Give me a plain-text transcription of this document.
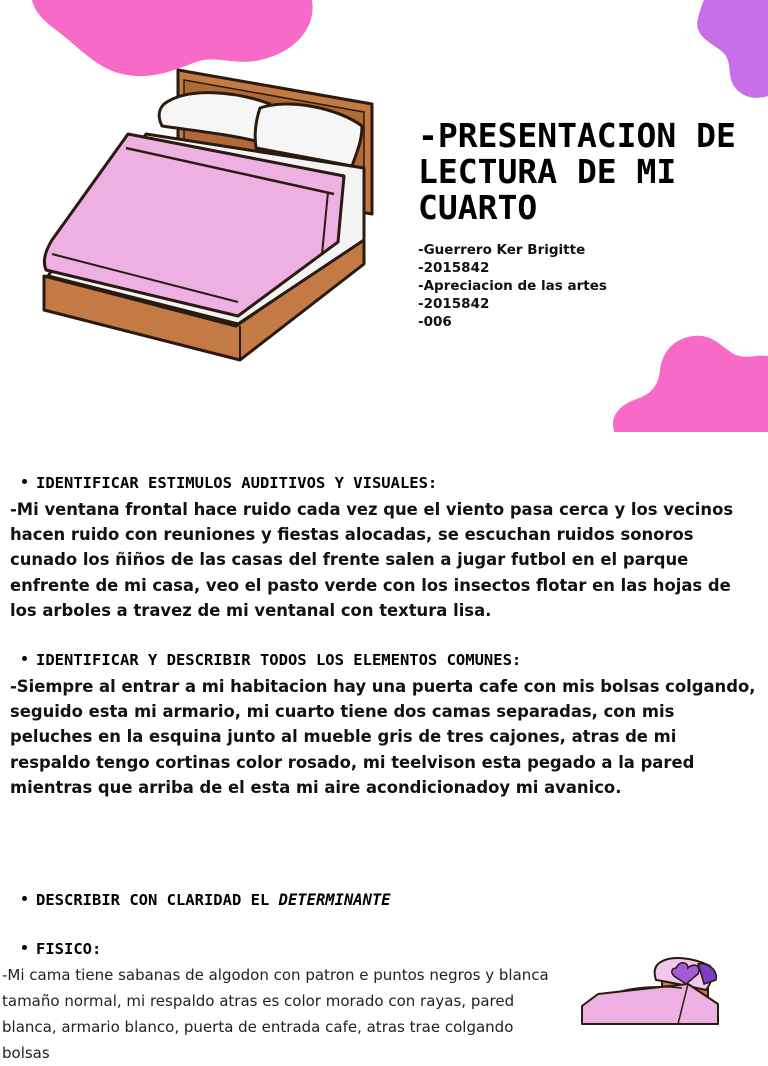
-PRESENTACION DE LECTURA DE MI CUARTO
-Guerrero Ker Brigitte
-2015842
-Apreciacion de las artes
-2015842
-006
IDENTIFICAR ESTIMULOS AUDITIVOS Y VISUALES:

-Mi ventana frontal hace ruido cada vez que el viento pasa cerca y los vecinos hacen ruido con reuniones y fiestas alocadas, se escuchan ruidos sonoros cunado los ñiños de las casas del frente salen a jugar futbol en el parque enfrente de mi casa, veo el pasto verde con los insectos flotar en las hojas de los arboles a travez de mi ventanal con textura lisa.

IDENTIFICAR Y DESCRIBIR TODOS LOS ELEMENTOS COMUNES:

-Siempre al entrar a mi habitacion hay una puerta cafe con mis bolsas colgando, seguido esta mi armario, mi cuarto tiene dos camas separadas, con mis peluches en la esquina junto al mueble gris de tres cajones, atras de mi respaldo tengo cortinas color rosado, mi teelvison esta pegado a la pared mientras que arriba de el esta mi aire acondicionadoy mi avanico.

DESCRIBIR CON CLARIDAD EL DETERMINANTE
FISICO:

-Mi cama tiene sabanas de algodon con patron e puntos negros y blanca tamaño normal, mi respaldo atras es color morado con rayas, pared blanca, armario blanco, puerta de entrada cafe, atras trae colgando bolsas
